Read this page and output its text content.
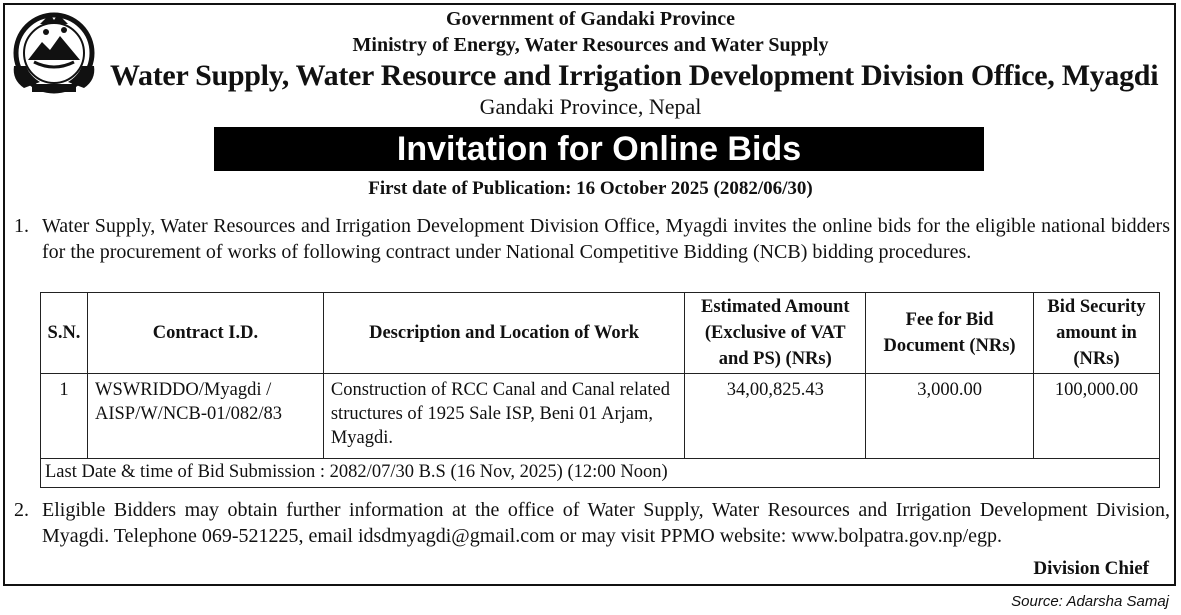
Government of Gandaki Province
Ministry of Energy, Water Resources and Water Supply
Water Supply, Water Resource and Irrigation Development Division Office, Myagdi
Gandaki Province, Nepal
Invitation for Online Bids
First date of Publication: 16 October 2025 (2082/06/30)
1. Water Supply, Water Resources and Irrigation Development Division Office, Myagdi invites the online bids for the eligible national bidders for the procurement of works of following contract under National Competitive Bidding (NCB) bidding procedures.
S.N.	Contract I.D.	Description and Location of Work	Estimated Amount (Exclusive of VAT and PS) (NRs)	Fee for Bid Document (NRs)	Bid Security amount in (NRs)
1	WSWRIDDO/Myagdi / AISP/W/NCB-01/082/83	Construction of RCC Canal and Canal related structures of 1925 Sale ISP, Beni 01 Arjam, Myagdi.	34,00,825.43	3,000.00	100,000.00
Last Date & time of Bid Submission : 2082/07/30 B.S (16 Nov, 2025) (12:00 Noon)					
2. Eligible Bidders may obtain further information at the office of Water Supply, Water Resources and Irrigation Development Division, Myagdi. Telephone 069-521225, email idsdmyagdi@gmail.com or may visit PPMO website: www.bolpatra.gov.np/egp.
Division Chief
Source: Adarsha Samaj
